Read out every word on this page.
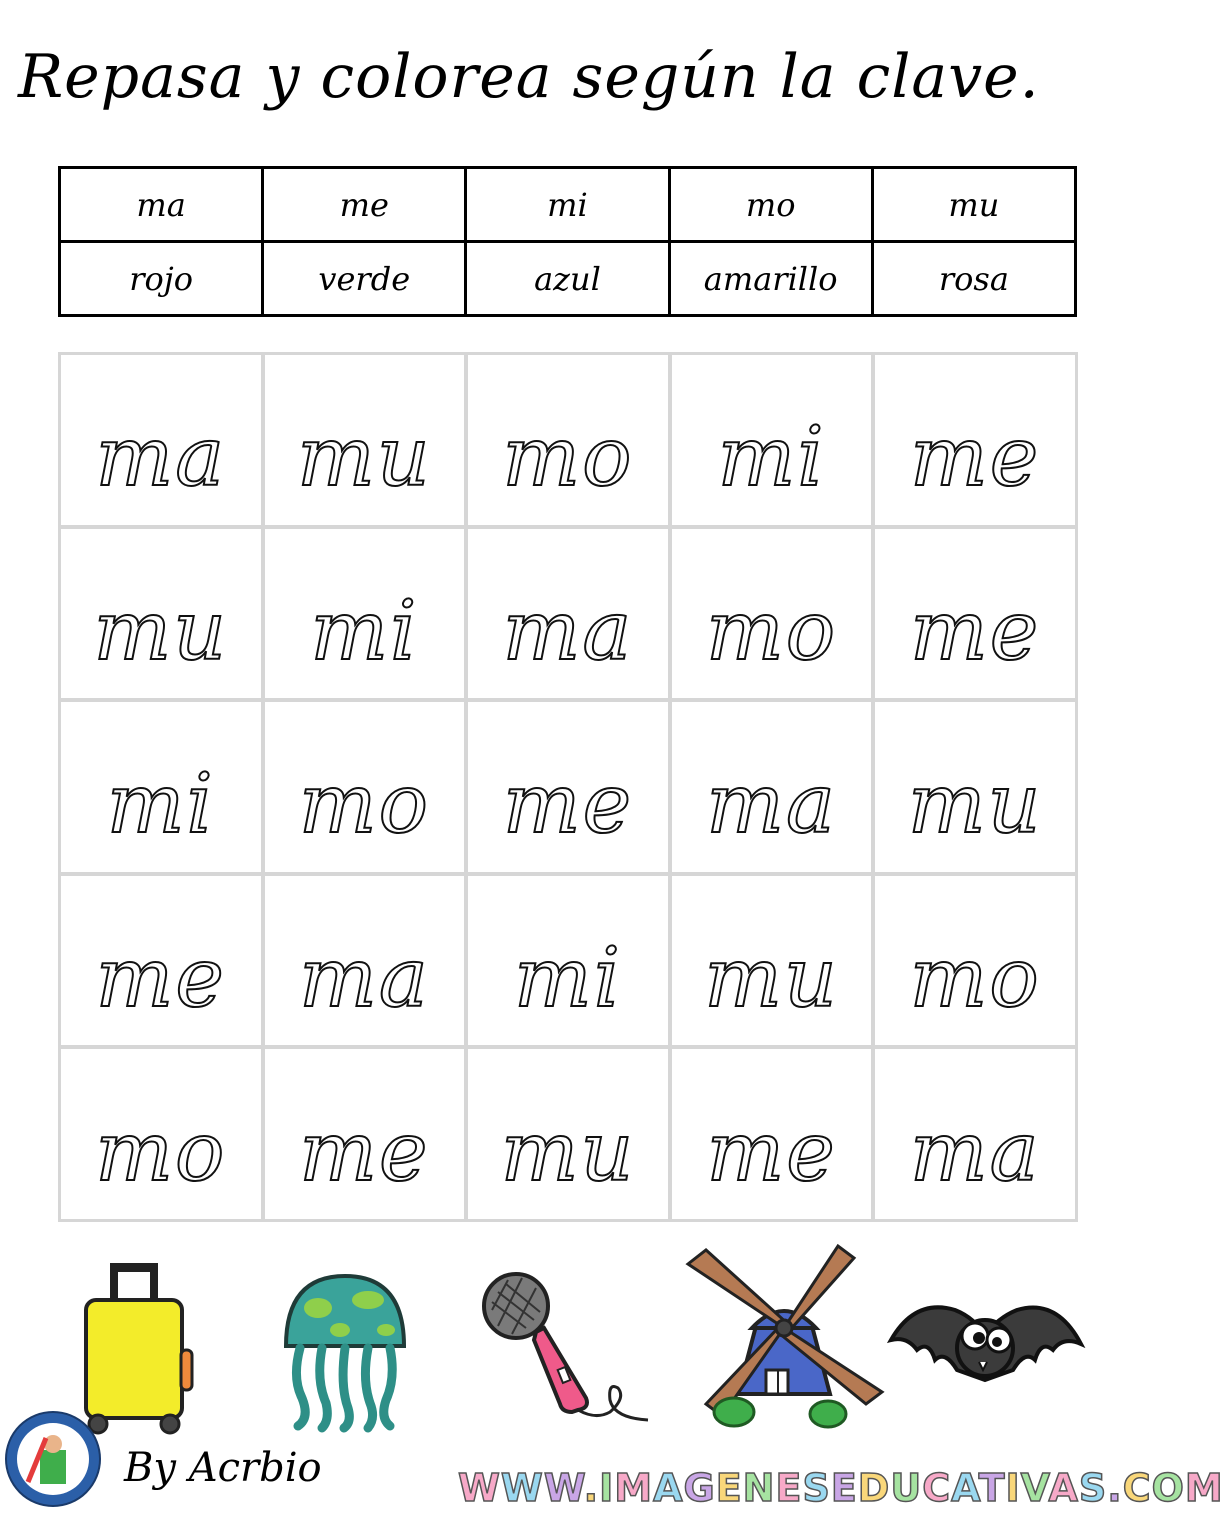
Repasa y colorea según la clave.
ma	me	mi	mo	mu
rojo	verde	azul	amarillo	rosa
ma mu mo mi me
mu mi ma mo me
mi mo me ma mu
me ma mi mu mo
mo me mu me ma
By Acrbio	WWW.IMAGENESEDUCATIVAS.COM
